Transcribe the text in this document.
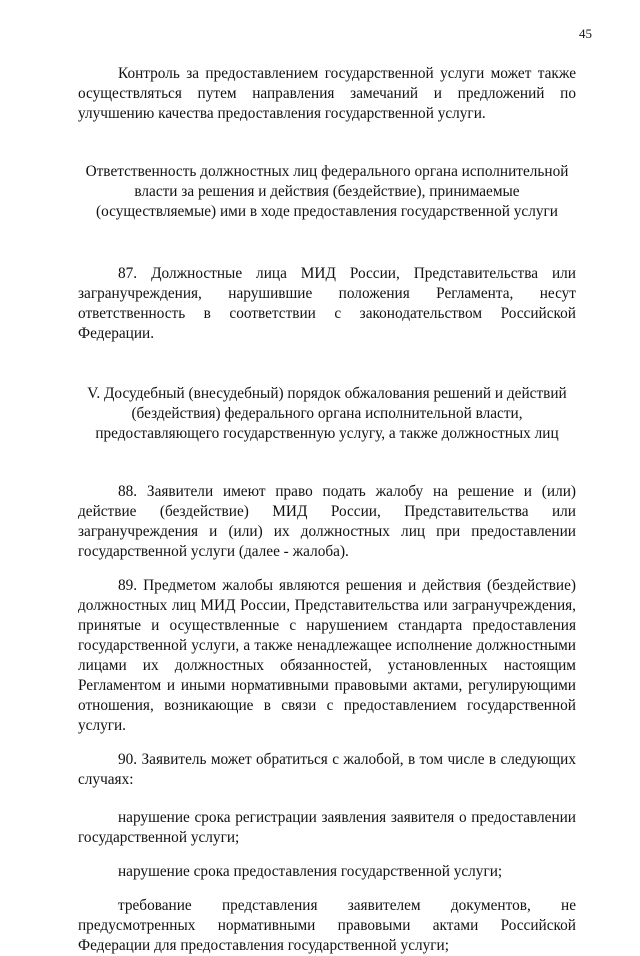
45

Контроль за предоставлением государственной услуги может также осуществляться путем направления замечаний и предложений по улучшению качества предоставления государственной услуги.

Ответственность должностных лиц федерального органа исполнительной власти за решения и действия (бездействие), принимаемые (осуществляемые) ими в ходе предоставления государственной услуги

87. Должностные лица МИД России, Представительства или загранучреждения, нарушившие положения Регламента, несут ответственность в соответствии с законодательством Российской Федерации.

V. Досудебный (внесудебный) порядок обжалования решений и действий (бездействия) федерального органа исполнительной власти, предоставляющего государственную услугу, а также должностных лиц

88. Заявители имеют право подать жалобу на решение и (или) действие (бездействие) МИД России, Представительства или загранучреждения и (или) их должностных лиц при предоставлении государственной услуги (далее - жалоба).

89. Предметом жалобы являются решения и действия (бездействие) должностных лиц МИД России, Представительства или загранучреждения, принятые и осуществленные с нарушением стандарта предоставления государственной услуги, а также ненадлежащее исполнение должностными лицами их должностных обязанностей, установленных настоящим Регламентом и иными нормативными правовыми актами, регулирующими отношения, возникающие в связи с предоставлением государственной услуги.

90. Заявитель может обратиться с жалобой, в том числе в следующих случаях:

нарушение срока регистрации заявления заявителя о предоставлении государственной услуги;

нарушение срока предоставления государственной услуги;

требование представления заявителем документов, не предусмотренных нормативными правовыми актами Российской Федерации для предоставления государственной услуги;
